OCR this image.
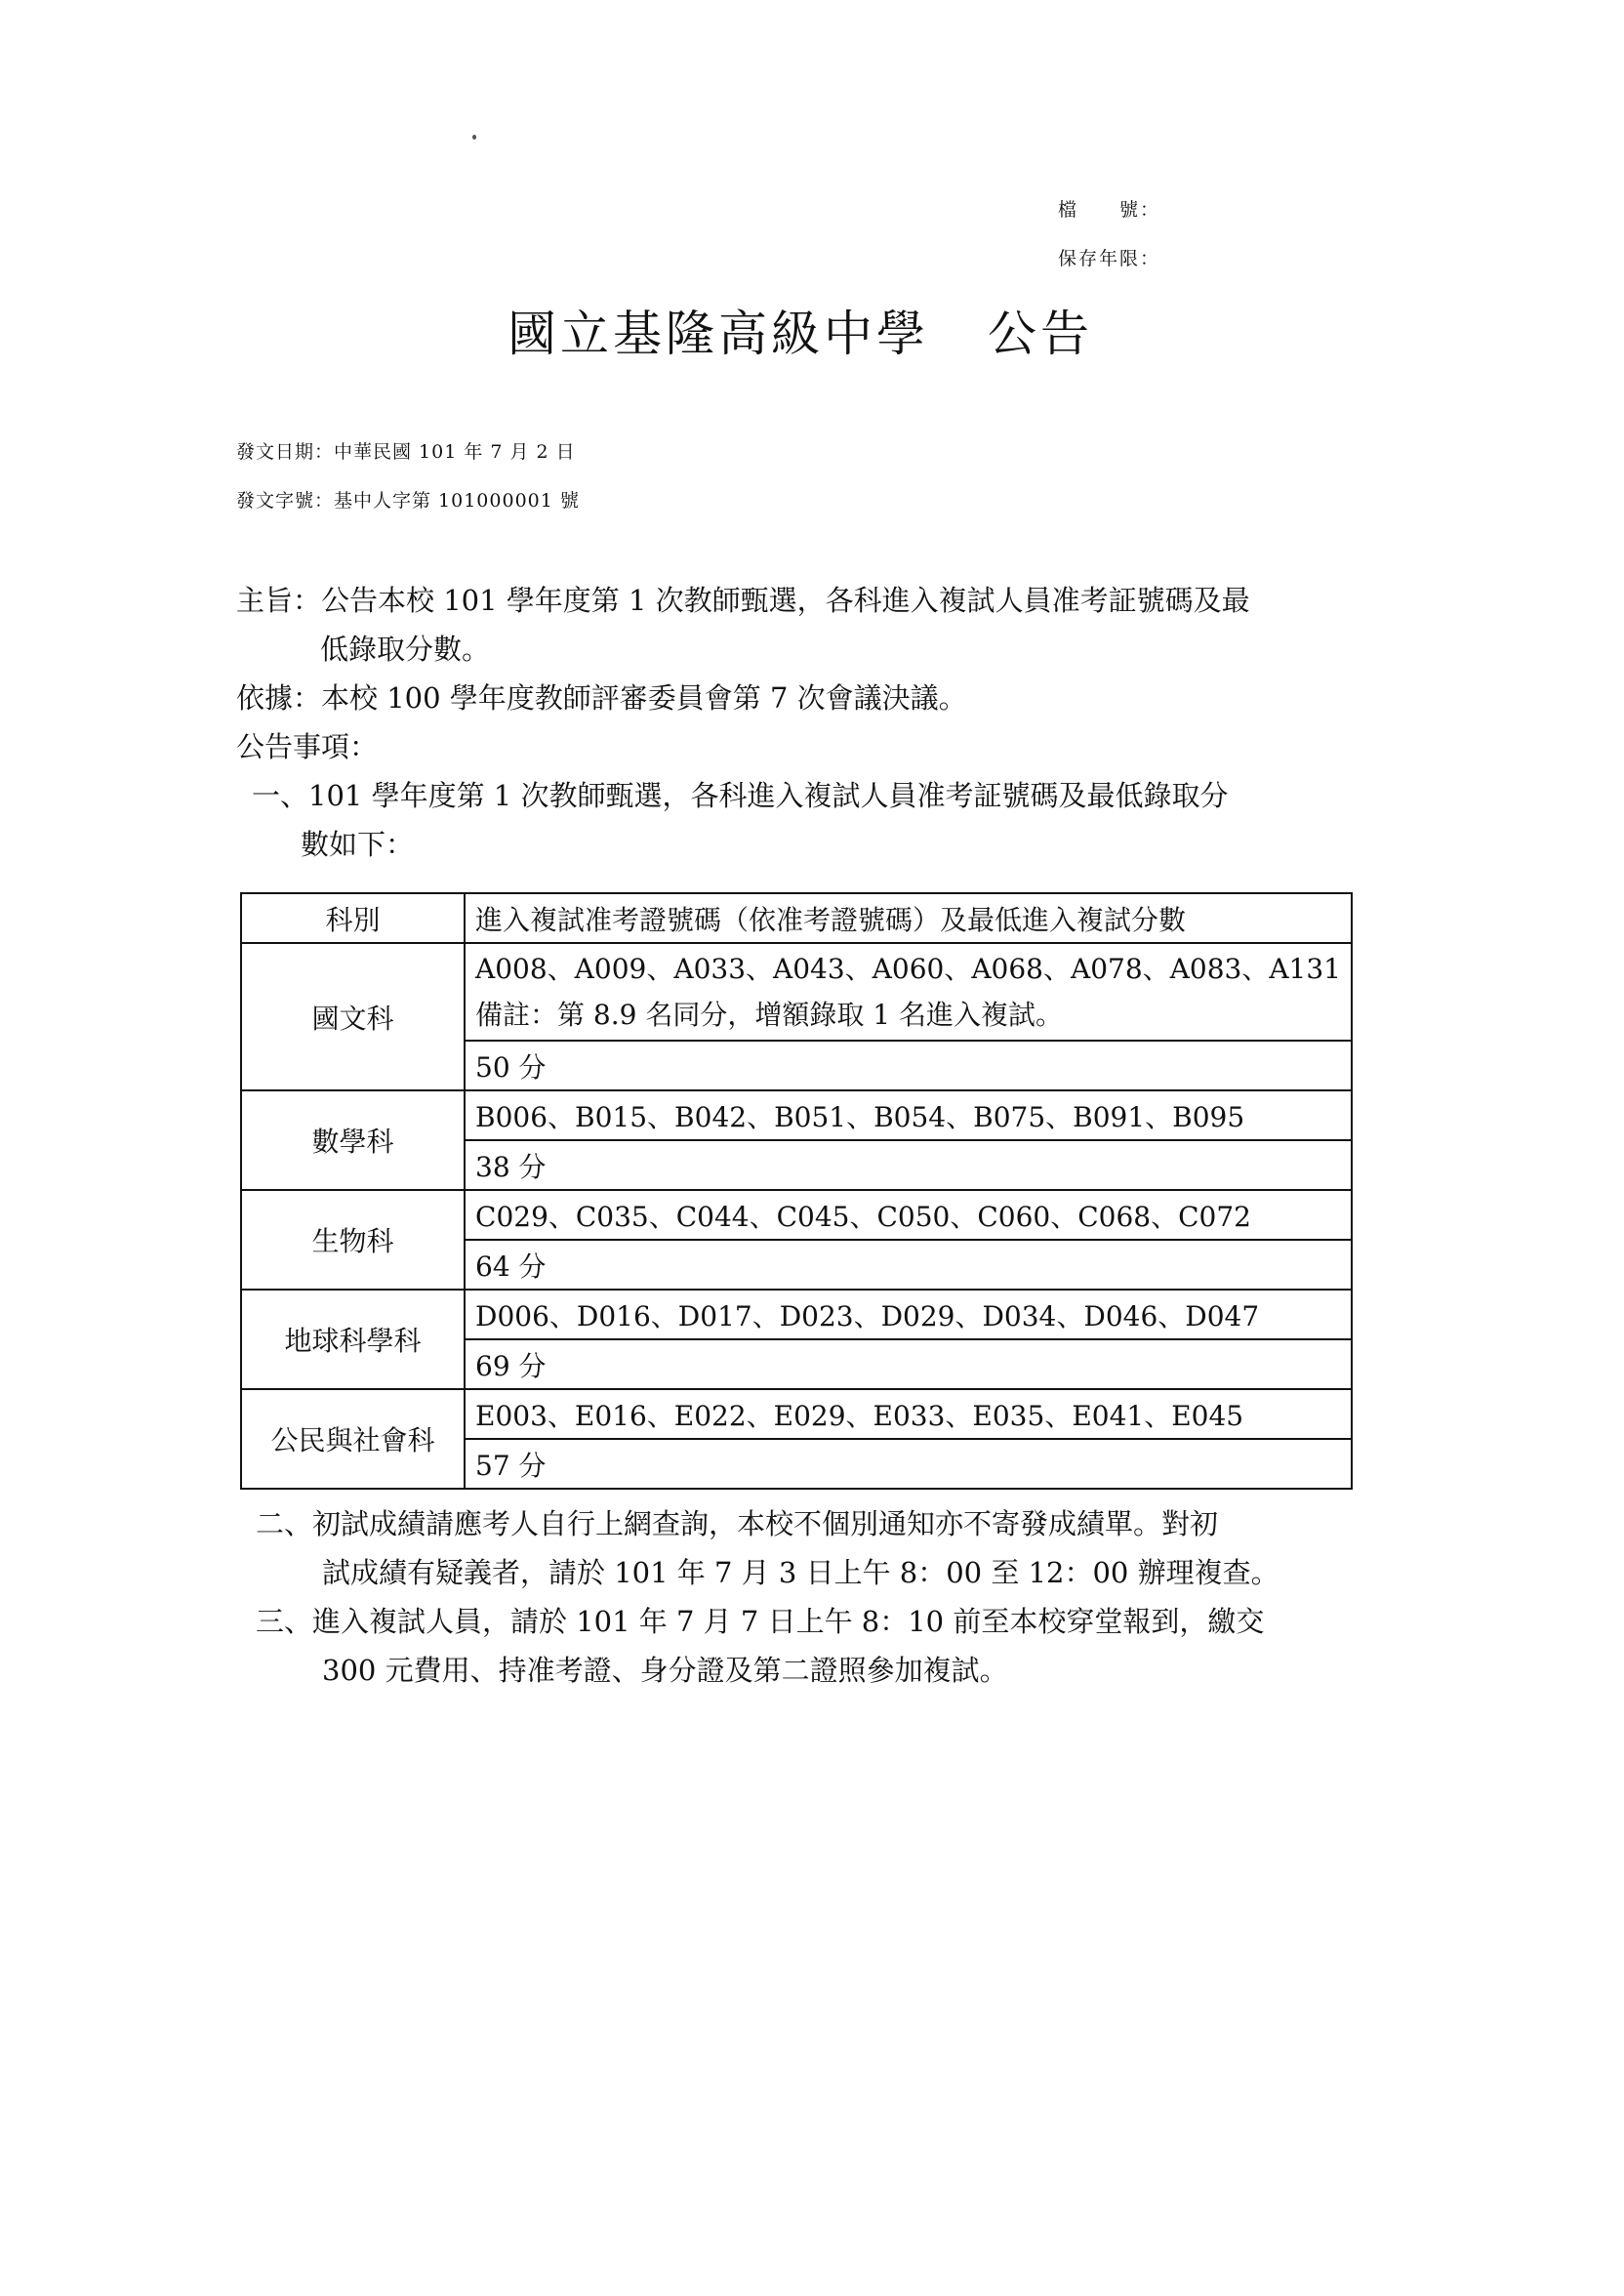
檔　　號：
保存年限：
國立基隆高級中學 公告
發文日期：中華民國 101 年 7 月 2 日
發文字號：基中人字第 101000001 號
主旨：公告本校 101 學年度第 1 次教師甄選，各科進入複試人員准考証號碼及最
低錄取分數。
依據：本校 100 學年度教師評審委員會第 7 次會議決議。
公告事項：
一、101 學年度第 1 次教師甄選，各科進入複試人員准考証號碼及最低錄取分
數如下：
科別	進入複試准考證號碼（依准考證號碼）及最低進入複試分數
國文科	A008、A009、A033、A043、A060、A068、A078、A083、A131
備註：第 8.9 名同分，增額錄取 1 名進入複試。

	50 分
數學科	B006、B015、B042、B051、B054、B075、B091、B095
	38 分
生物科	C029、C035、C044、C045、C050、C060、C068、C072
	64 分
地球科學科	D006、D016、D017、D023、D029、D034、D046、D047
	69 分
公民與社會科	E003、E016、E022、E029、E033、E035、E041、E045
	57 分
二、初試成績請應考人自行上網查詢，本校不個別通知亦不寄發成績單。對初
試成績有疑義者，請於 101 年 7 月 3 日上午 8：00 至 12：00 辦理複查。
三、進入複試人員，請於 101 年 7 月 7 日上午 8：10 前至本校穿堂報到，繳交
300 元費用、持准考證、身分證及第二證照參加複試。
